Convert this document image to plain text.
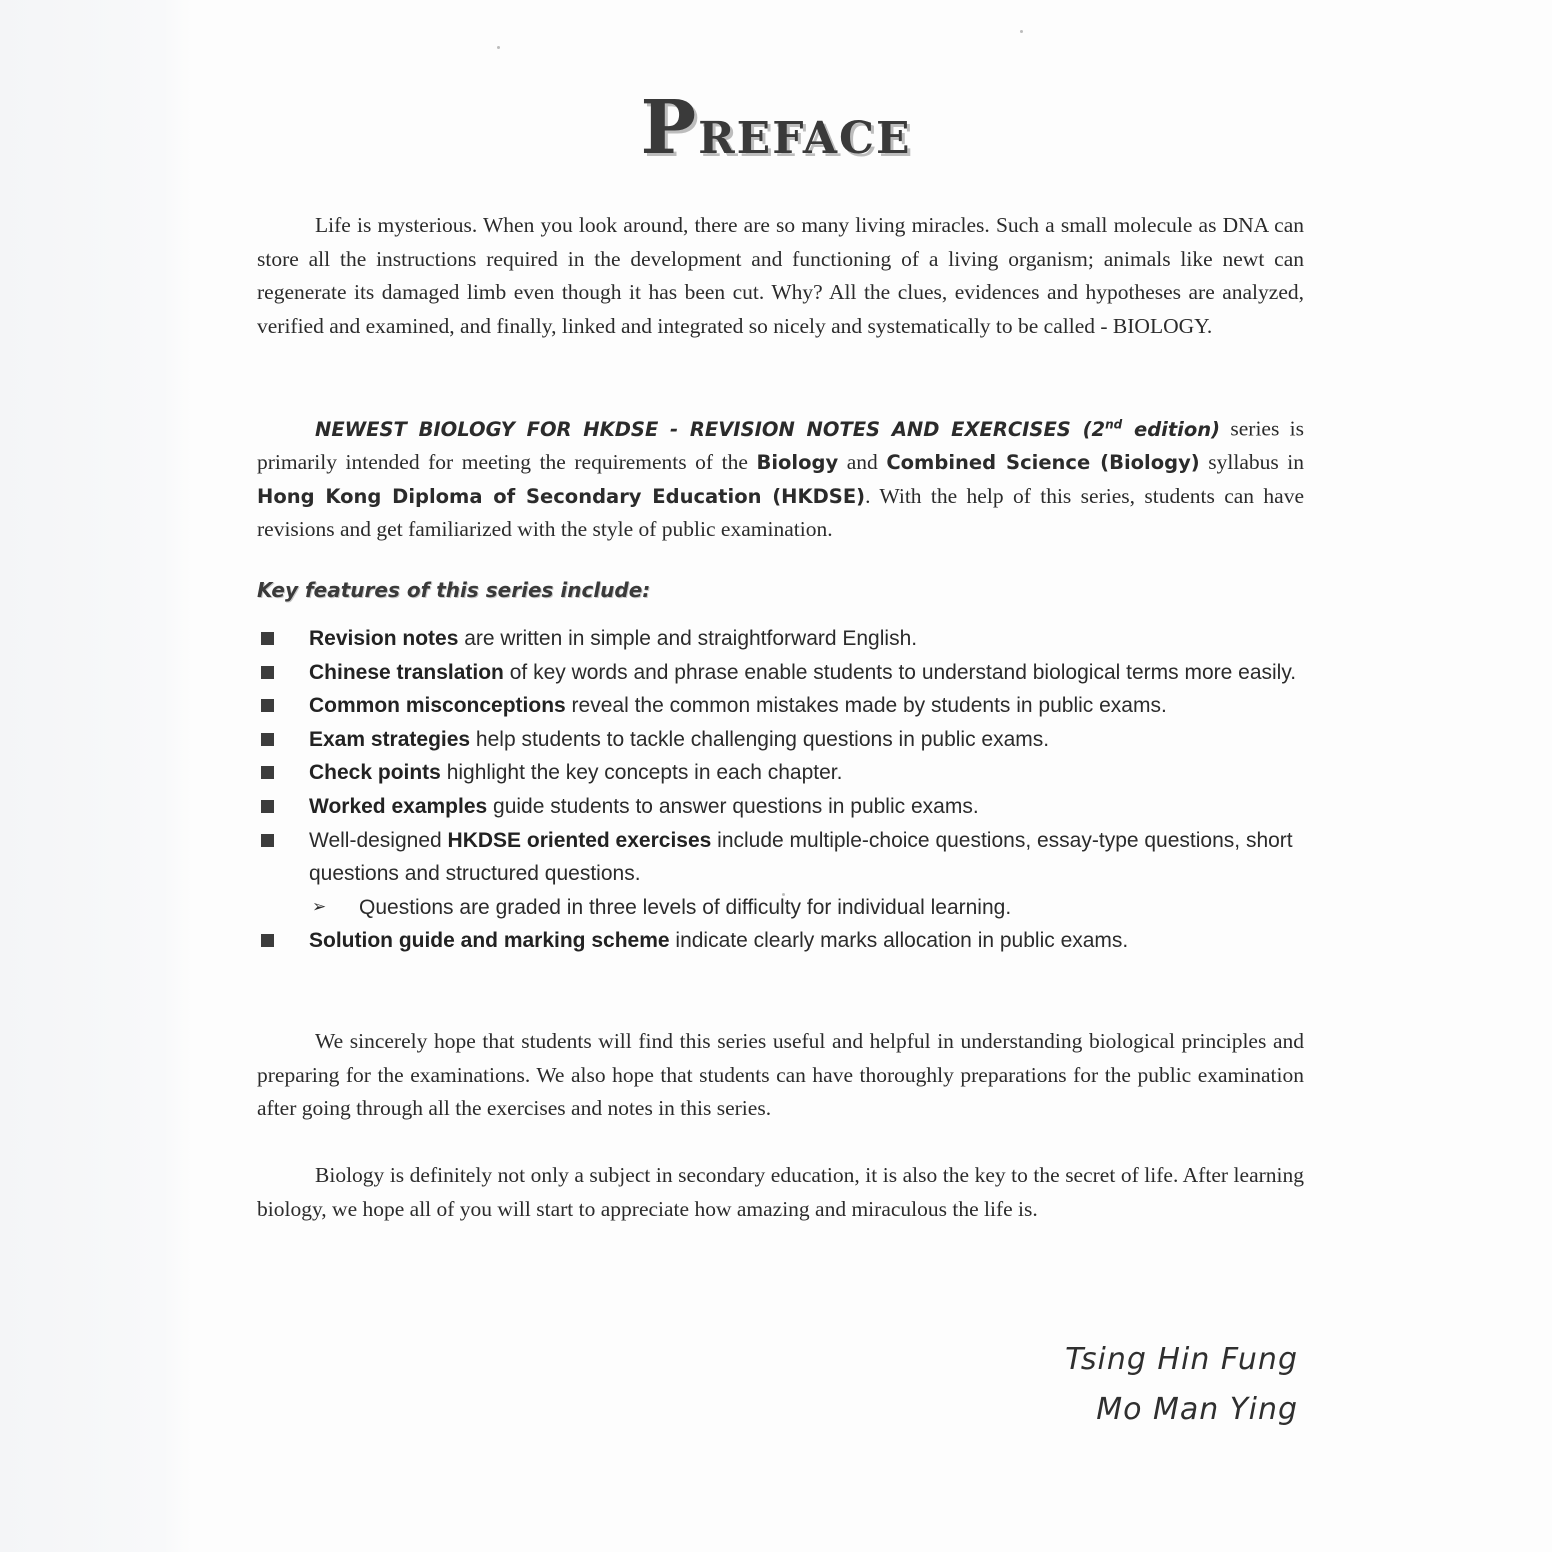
PREFACE

Life is mysterious. When you look around, there are so many living miracles. Such a small molecule as DNA can store all the instructions required in the development and functioning of a living organism; animals like newt can regenerate its damaged limb even though it has been cut. Why? All the clues, evidences and hypotheses are analyzed, verified and examined, and finally, linked and integrated so nicely and systematically to be called - BIOLOGY.

NEWEST BIOLOGY FOR HKDSE - REVISION NOTES AND EXERCISES (2nd edition) series is primarily intended for meeting the requirements of the Biology and Combined Science (Biology) syllabus in Hong Kong Diploma of Secondary Education (HKDSE). With the help of this series, students can have revisions and get familiarized with the style of public examination.

Key features of this series include:
Revision notes are written in simple and straightforward English.
Chinese translation of key words and phrase enable students to understand biological terms more easily.
Common misconceptions reveal the common mistakes made by students in public exams.
Exam strategies help students to tackle challenging questions in public exams.
Check points highlight the key concepts in each chapter.
Worked examples guide students to answer questions in public exams.
Well-designed HKDSE oriented exercises include multiple-choice questions, essay-type questions, short questions and structured questions.
➢ Questions are graded in three levels of difficulty for individual learning.
Solution guide and marking scheme indicate clearly marks allocation in public exams.

We sincerely hope that students will find this series useful and helpful in understanding biological principles and preparing for the examinations. We also hope that students can have thoroughly preparations for the public examination after going through all the exercises and notes in this series.

Biology is definitely not only a subject in secondary education, it is also the key to the secret of life. After learning biology, we hope all of you will start to appreciate how amazing and miraculous the life is.

Tsing Hin Fung
Mo Man Ying
